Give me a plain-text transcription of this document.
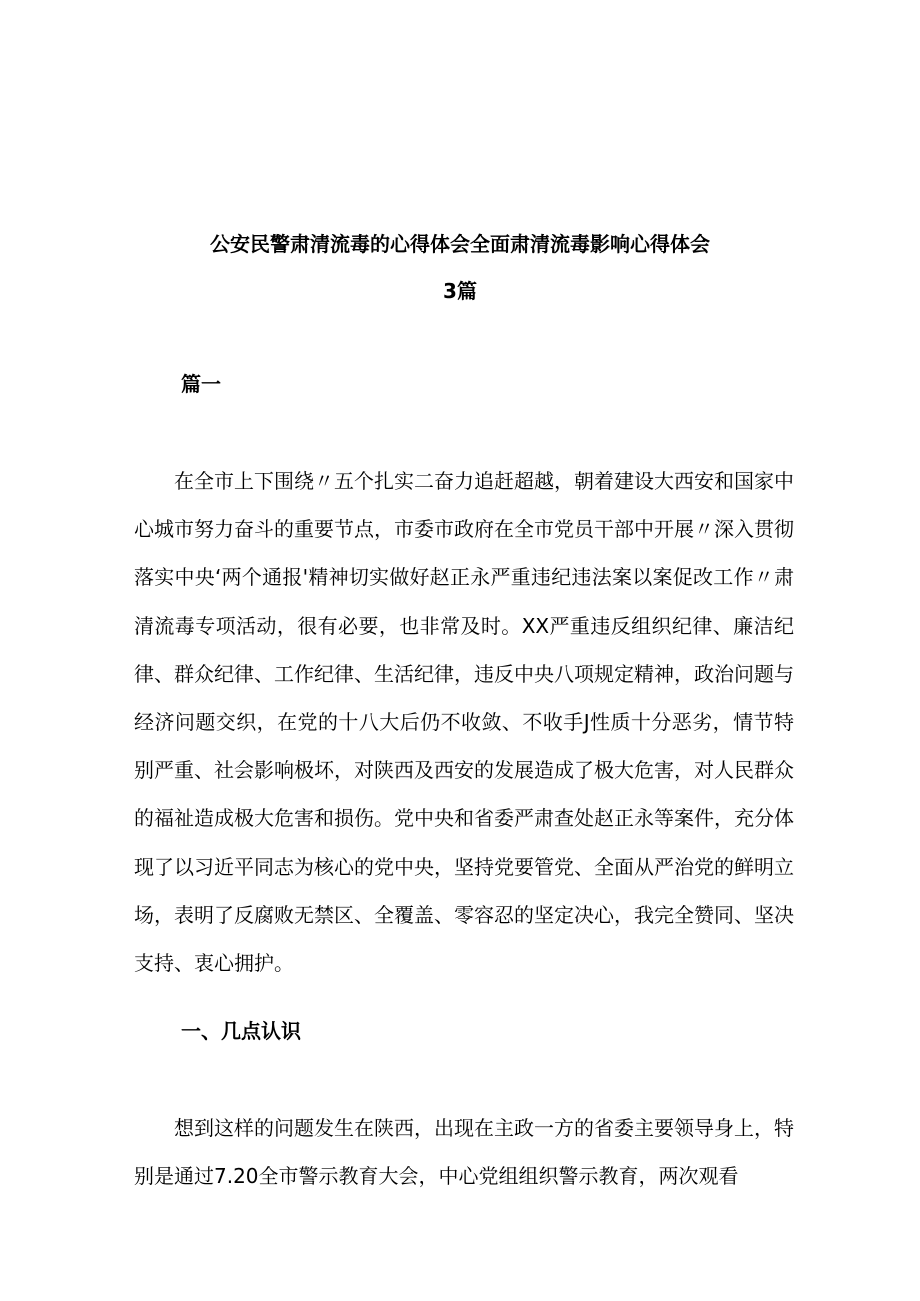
公安民警肃清流毒的心得体会全面肃清流毒影响心得体会
3篇
篇一

在全市上下围绕〃五个扎实二奋力追赶超越，朝着建设大西安和国家中心城市努力奋斗的重要节点，市委市政府在全市党员干部中开展〃深入贯彻落实中央‘两个通报'精神切实做好赵正永严重违纪违法案以案促改工作〃肃清流毒专项活动，很有必要，也非常及时。XX严重违反组织纪律、廉洁纪律、群众纪律、工作纪律、生活纪律，违反中央八项规定精神，政治问题与经济问题交织，在党的十八大后仍不收敛、不收手J性质十分恶劣，情节特别严重、社会影响极坏，对陕西及西安的发展造成了极大危害，对人民群众的福祉造成极大危害和损伤。党中央和省委严肃查处赵正永等案件，充分体现了以习近平同志为核心的党中央，坚持党要管党、全面从严治党的鲜明立场，表明了反腐败无禁区、全覆盖、零容忍的坚定决心，我完全赞同、坚决支持、衷心拥护。

一、几点认识

想到这样的问题发生在陕西，出现在主政一方的省委主要领导身上，特别是通过7.20全市警示教育大会，中心党组组织警示教育，两次观看
